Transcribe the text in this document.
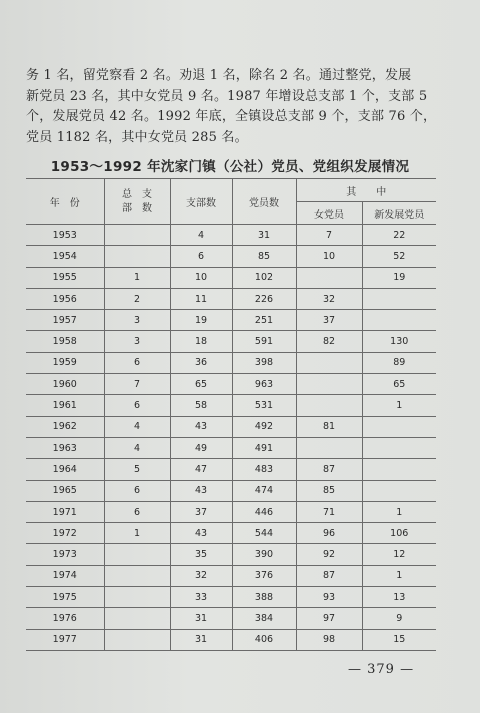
务 1 名，留党察看 2 名。劝退 1 名，除名 2 名。通过整党，发展
新党员 23 名，其中女党员 9 名。1987 年增设总支部 1 个，支部 5
个，发展党员 42 名。1992 年底，全镇设总支部 9 个，支部 76 个，
党员 1182 名，其中女党员 285 名。
1953～1992 年沈家门镇（公社）党员、党组织发展情况
年　份	总　支
部　数	支部数	党员数	其　　中	
				女党员	新发展党员
1953		4	31	7	22
1954		6	85	10	52
1955	1	10	102		19
1956	2	11	226	32	
1957	3	19	251	37	
1958	3	18	591	82	130
1959	6	36	398		89
1960	7	65	963		65
1961	6	58	531		1
1962	4	43	492	81	
1963	4	49	491		
1964	5	47	483	87	
1965	6	43	474	85	
1971	6	37	446	71	1
1972	1	43	544	96	106
1973		35	390	92	12
1974		32	376	87	1
1975		33	388	93	13
1976		31	384	97	9
1977		31	406	98	15
— 379 —
